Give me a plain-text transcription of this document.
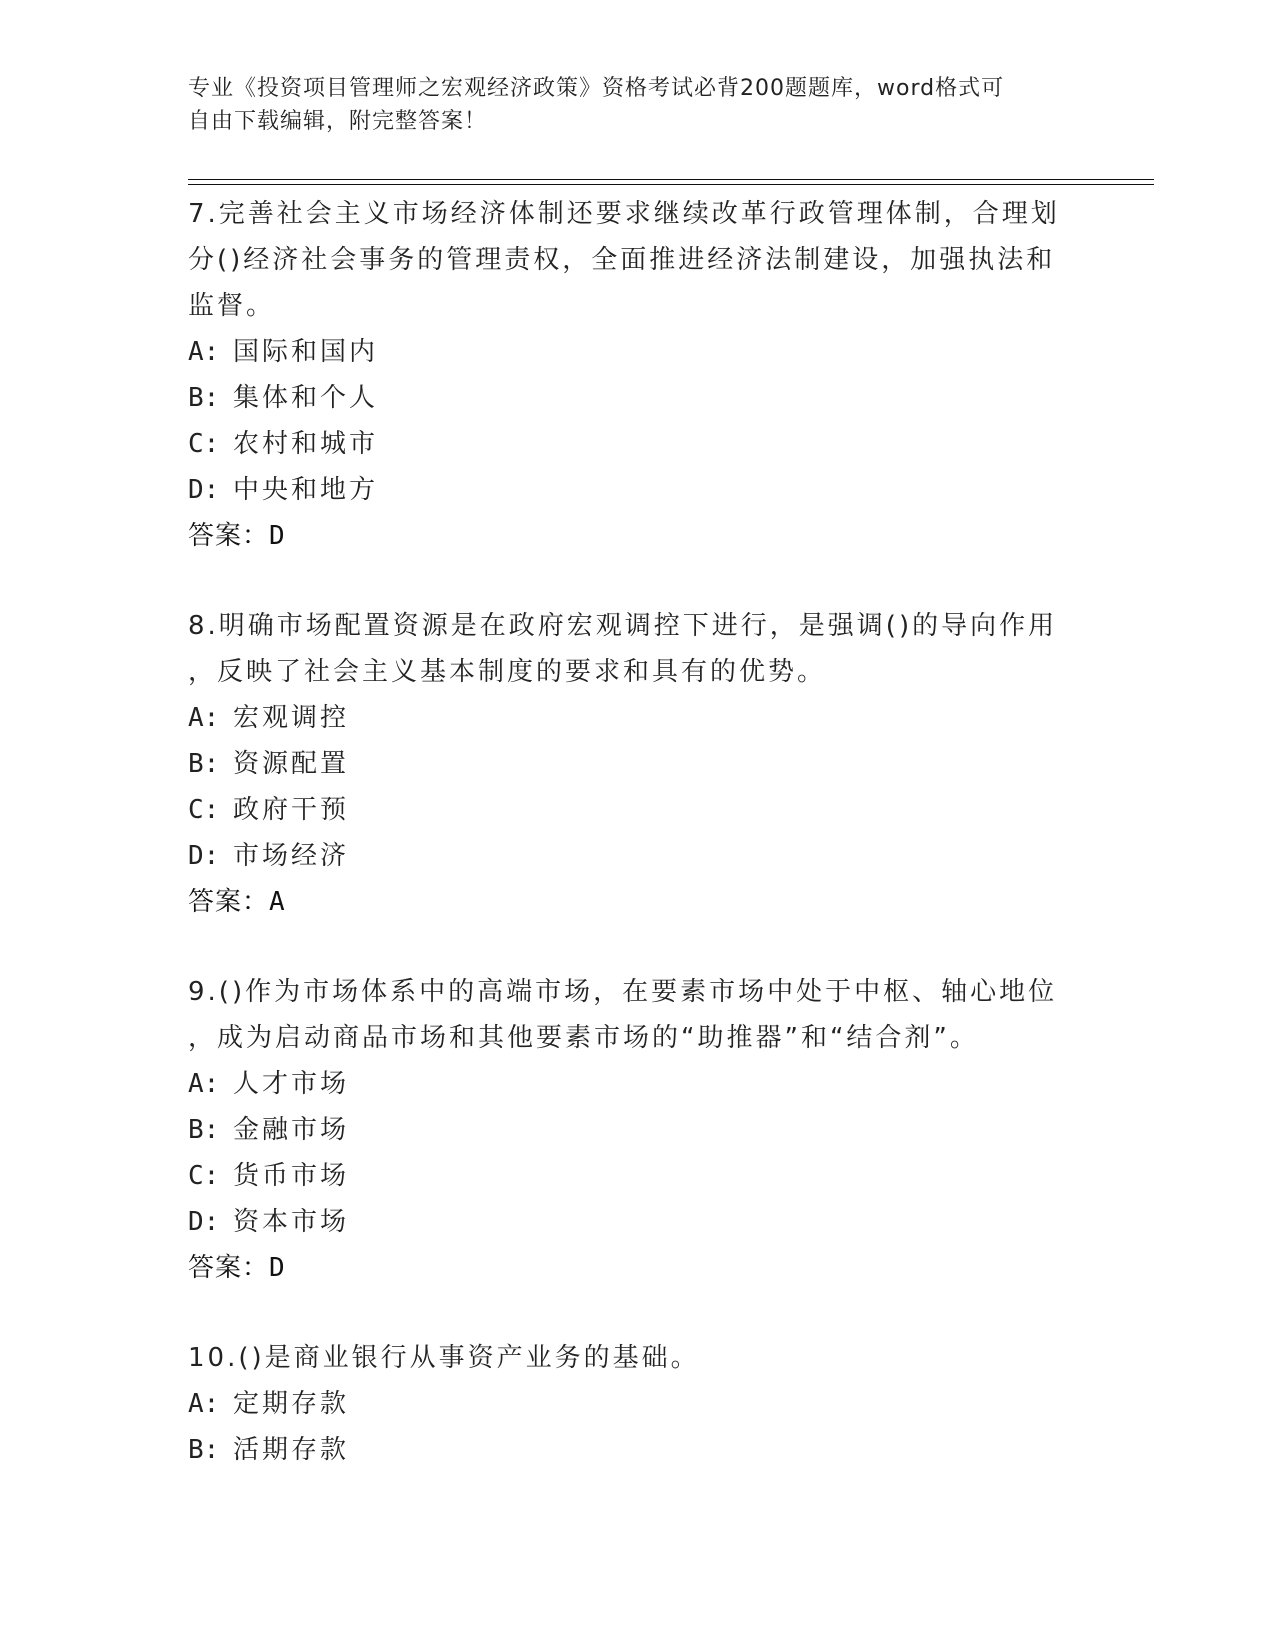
专业《投资项目管理师之宏观经济政策》资格考试必背200题题库，word格式可
自由下载编辑，附完整答案！
7.完善社会主义市场经济体制还要求继续改革行政管理体制，合理划
分()经济社会事务的管理责权，全面推进经济法制建设，加强执法和
监督。
A: 国际和国内
B: 集体和个人
C: 农村和城市
D: 中央和地方
答案：D
8.明确市场配置资源是在政府宏观调控下进行，是强调()的导向作用
，反映了社会主义基本制度的要求和具有的优势。
A: 宏观调控
B: 资源配置
C: 政府干预
D: 市场经济
答案：A
9.()作为市场体系中的高端市场，在要素市场中处于中枢、轴心地位
，成为启动商品市场和其他要素市场的“助推器”和“结合剂”。
A: 人才市场
B: 金融市场
C: 货币市场
D: 资本市场
答案：D
10.()是商业银行从事资产业务的基础。
A: 定期存款
B: 活期存款
